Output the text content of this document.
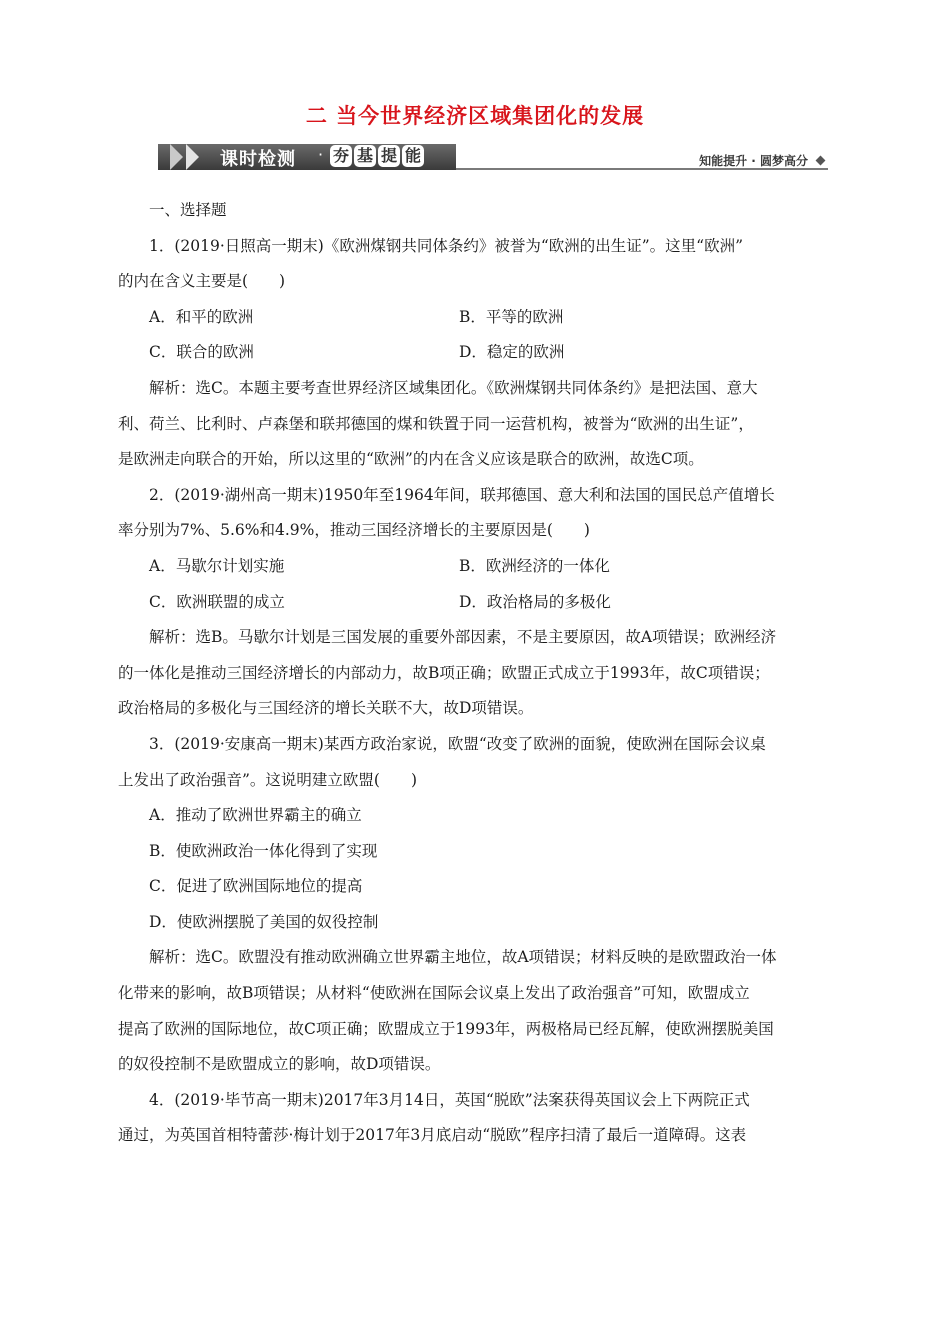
二 当今世界经济区域集团化的发展
课时检测 · 夯 基 提 能	知能提升 · 圆梦高分
一、选择题
1．(2019·日照高一期末)《欧洲煤钢共同体条约》被誉为“欧洲的出生证”。这里“欧洲”
的内在含义主要是(　　)
A．和平的欧洲	B．平等的欧洲
C．联合的欧洲	D．稳定的欧洲
解析：选C。本题主要考查世界经济区域集团化。《欧洲煤钢共同体条约》是把法国、意大
利、荷兰、比利时、卢森堡和联邦德国的煤和铁置于同一运营机构，被誉为“欧洲的出生证”，
是欧洲走向联合的开始，所以这里的“欧洲”的内在含义应该是联合的欧洲，故选C项。
2．(2019·湖州高一期末)1950年至1964年间，联邦德国、意大利和法国的国民总产值增长
率分别为7%、5.6%和4.9%，推动三国经济增长的主要原因是(　　)
A．马歇尔计划实施	B．欧洲经济的一体化
C．欧洲联盟的成立	D．政治格局的多极化
解析：选B。马歇尔计划是三国发展的重要外部因素，不是主要原因，故A项错误；欧洲经济
的一体化是推动三国经济增长的内部动力，故B项正确；欧盟正式成立于1993年，故C项错误；
政治格局的多极化与三国经济的增长关联不大，故D项错误。
3．(2019·安康高一期末)某西方政治家说，欧盟“改变了欧洲的面貌，使欧洲在国际会议桌
上发出了政治强音”。这说明建立欧盟(　　)
A．推动了欧洲世界霸主的确立
B．使欧洲政治一体化得到了实现
C．促进了欧洲国际地位的提高
D．使欧洲摆脱了美国的奴役控制
解析：选C。欧盟没有推动欧洲确立世界霸主地位，故A项错误；材料反映的是欧盟政治一体
化带来的影响，故B项错误；从材料“使欧洲在国际会议桌上发出了政治强音”可知，欧盟成立
提高了欧洲的国际地位，故C项正确；欧盟成立于1993年，两极格局已经瓦解，使欧洲摆脱美国
的奴役控制不是欧盟成立的影响，故D项错误。
4．(2019·毕节高一期末)2017年3月14日，英国“脱欧”法案获得英国议会上下两院正式
通过，为英国首相特蕾莎·梅计划于2017年3月底启动“脱欧”程序扫清了最后一道障碍。这表
